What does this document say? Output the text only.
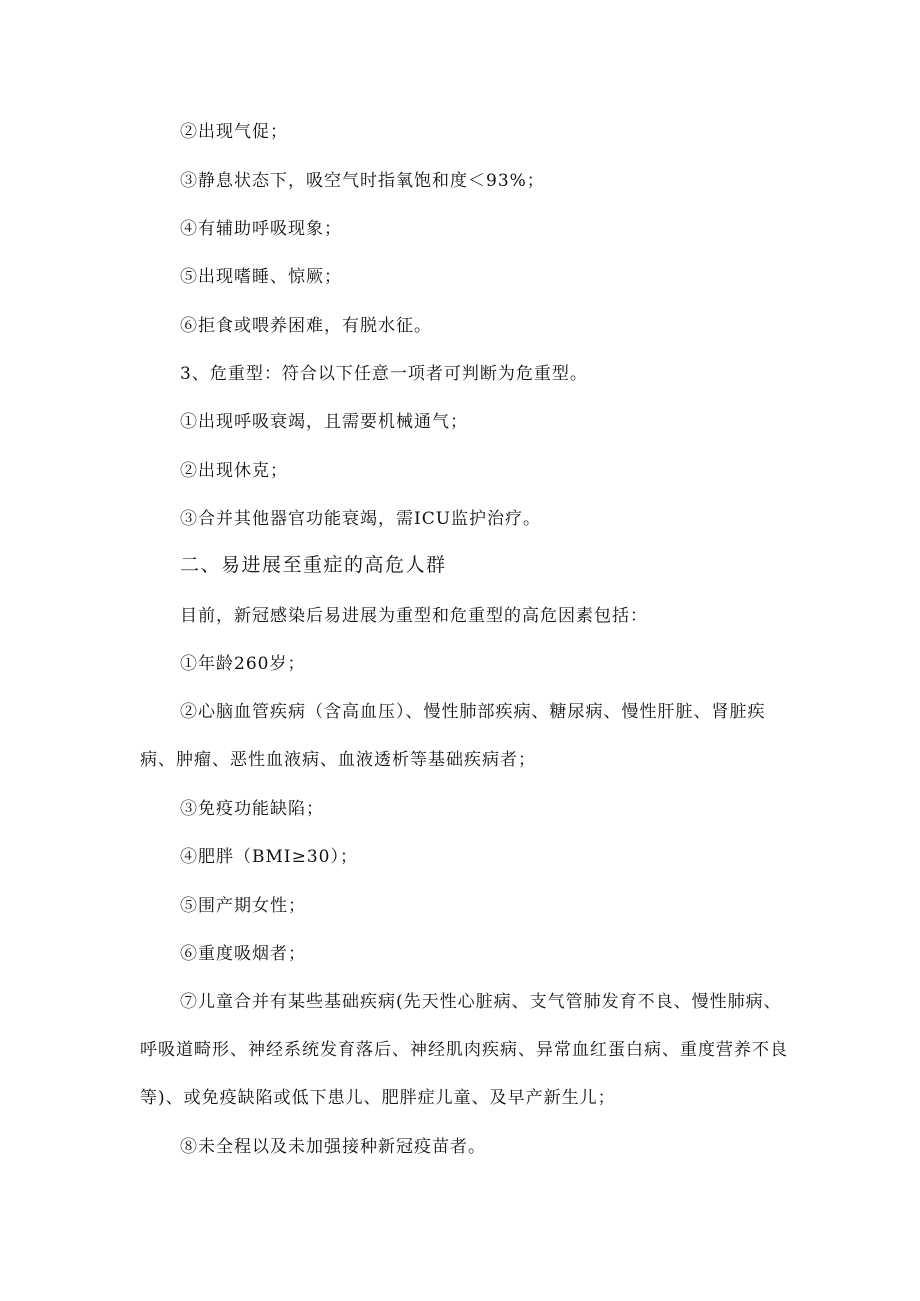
②出现气促；
③静息状态下，吸空气时指氧饱和度＜93%；
④有辅助呼吸现象；
⑤出现嗜睡、惊厥；
⑥拒食或喂养困难，有脱水征。
3、危重型：符合以下任意一项者可判断为危重型。
①出现呼吸衰竭，且需要机械通气；
②出现休克；
③合并其他器官功能衰竭，需ICU监护治疗。
二、易进展至重症的高危人群
目前，新冠感染后易进展为重型和危重型的高危因素包括：
①年龄260岁；
②心脑血管疾病（含高血压）、慢性肺部疾病、糖尿病、慢性肝脏、肾脏疾病、肿瘤、恶性血液病、血液透析等基础疾病者；
③免疫功能缺陷；
④肥胖（BMI≥30）；
⑤围产期女性；
⑥重度吸烟者；
⑦儿童合并有某些基础疾病(先天性心脏病、支气管肺发育不良、慢性肺病、呼吸道畸形、神经系统发育落后、神经肌肉疾病、异常血红蛋白病、重度营养不良等)、或免疫缺陷或低下患儿、肥胖症儿童、及早产新生儿；
⑧未全程以及未加强接种新冠疫苗者。
